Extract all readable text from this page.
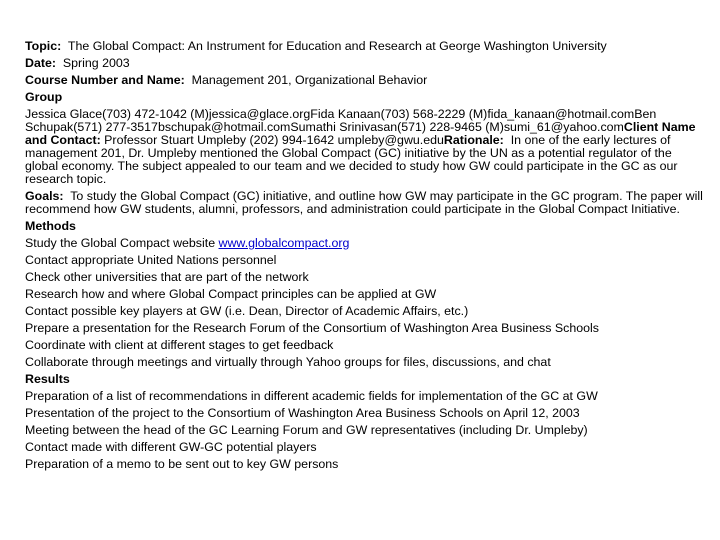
Topic: The Global Compact: An Instrument for Education and Research at George Washington University

Date: Spring 2003

Course Number and Name: Management 201, Organizational Behavior

Group

Jessica Glace(703) 472-1042 (M)jessica@glace.orgFida Kanaan(703) 568-2229 (M)fida_kanaan@hotmail.comBen Schupak(571) 277-3517bschupak@hotmail.comSumathi Srinivasan(571) 228-9465 (M)sumi_61@yahoo.comClient Name and Contact: Professor Stuart Umpleby (202) 994-1642 umpleby@gwu.eduRationale: In one of the early lectures of management 201, Dr. Umpleby mentioned the Global Compact (GC) initiative by the UN as a potential regulator of the global economy. The subject appealed to our team and we decided to study how GW could participate in the GC as our research topic.

Goals: To study the Global Compact (GC) initiative, and outline how GW may participate in the GC program. The paper will recommend how GW students, alumni, professors, and administration could participate in the Global Compact Initiative.

Methods

Study the Global Compact website www.globalcompact.org

Contact appropriate United Nations personnel

Check other universities that are part of the network

Research how and where Global Compact principles can be applied at GW

Contact possible key players at GW (i.e. Dean, Director of Academic Affairs, etc.)

Prepare a presentation for the Research Forum of the Consortium of Washington Area Business Schools

Coordinate with client at different stages to get feedback

Collaborate through meetings and virtually through Yahoo groups for files, discussions, and chat

Results

Preparation of a list of recommendations in different academic fields for implementation of the GC at GW

Presentation of the project to the Consortium of Washington Area Business Schools on April 12, 2003

Meeting between the head of the GC Learning Forum and GW representatives (including Dr. Umpleby)

Contact made with different GW-GC potential players

Preparation of a memo to be sent out to key GW persons
